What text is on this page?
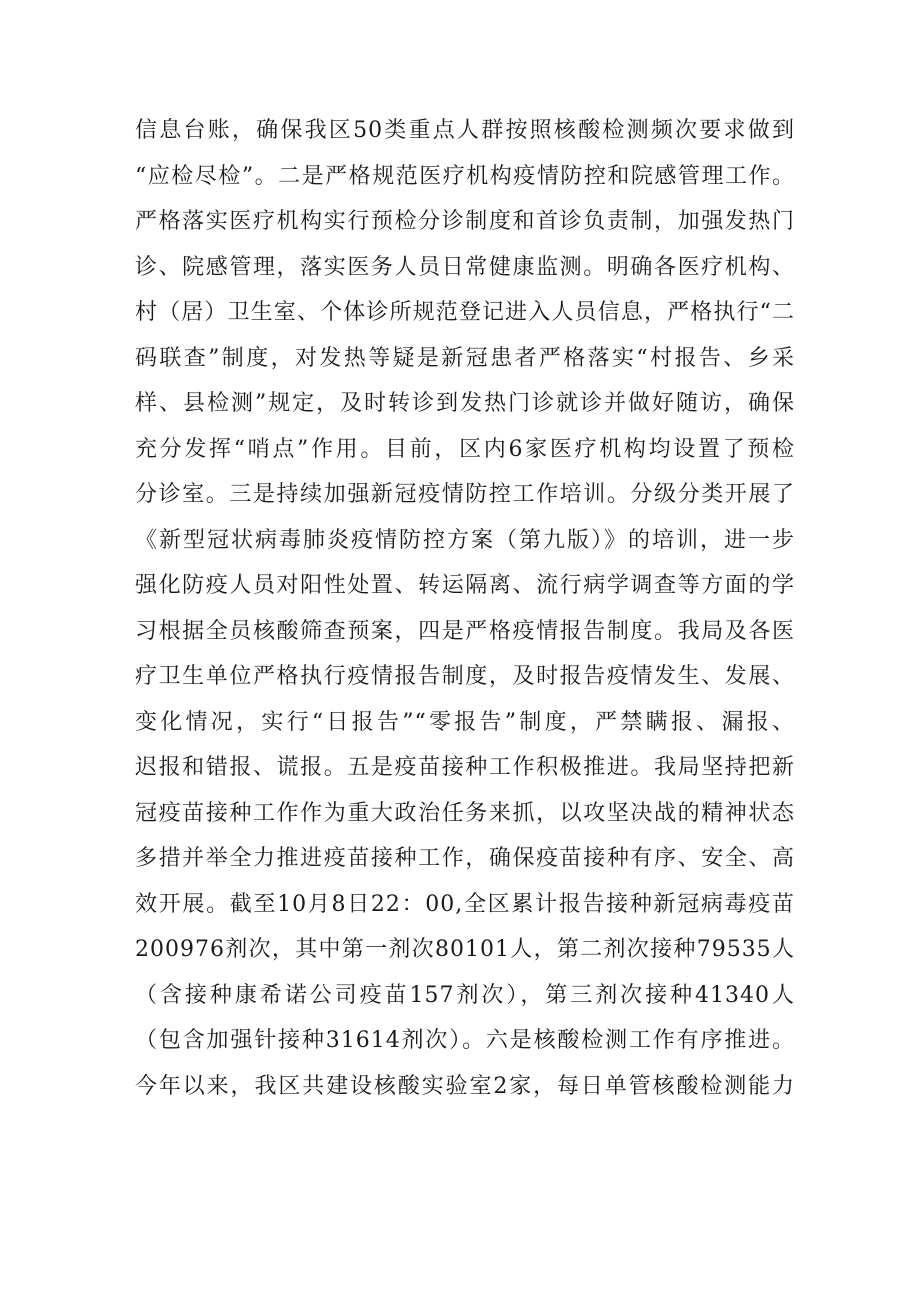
信息台账，确保我区50类重点人群按照核酸检测频次要求做到
“应检尽检”。二是严格规范医疗机构疫情防控和院感管理工作。
严格落实医疗机构实行预检分诊制度和首诊负责制，加强发热门
诊、院感管理，落实医务人员日常健康监测。明确各医疗机构、
村（居）卫生室、个体诊所规范登记进入人员信息，严格执行“二
码联查”制度，对发热等疑是新冠患者严格落实“村报告、乡采
样、县检测”规定，及时转诊到发热门诊就诊并做好随访，确保
充分发挥“哨点”作用。目前，区内6家医疗机构均设置了预检
分诊室。三是持续加强新冠疫情防控工作培训。分级分类开展了
《新型冠状病毒肺炎疫情防控方案（第九版）》的培训，进一步
强化防疫人员对阳性处置、转运隔离、流行病学调查等方面的学
习根据全员核酸筛查预案，四是严格疫情报告制度。我局及各医
疗卫生单位严格执行疫情报告制度，及时报告疫情发生、发展、
变化情况，实行“日报告”“零报告”制度，严禁瞒报、漏报、
迟报和错报、谎报。五是疫苗接种工作积极推进。我局坚持把新
冠疫苗接种工作作为重大政治任务来抓，以攻坚决战的精神状态
多措并举全力推进疫苗接种工作，确保疫苗接种有序、安全、高
效开展。截至10月8日22：00,全区累计报告接种新冠病毒疫苗
200976剂次，其中第一剂次80101人，第二剂次接种79535人
（含接种康希诺公司疫苗157剂次），第三剂次接种41340人
（包含加强针接种31614剂次）。六是核酸检测工作有序推进。
今年以来，我区共建设核酸实验室2家，每日单管核酸检测能力
